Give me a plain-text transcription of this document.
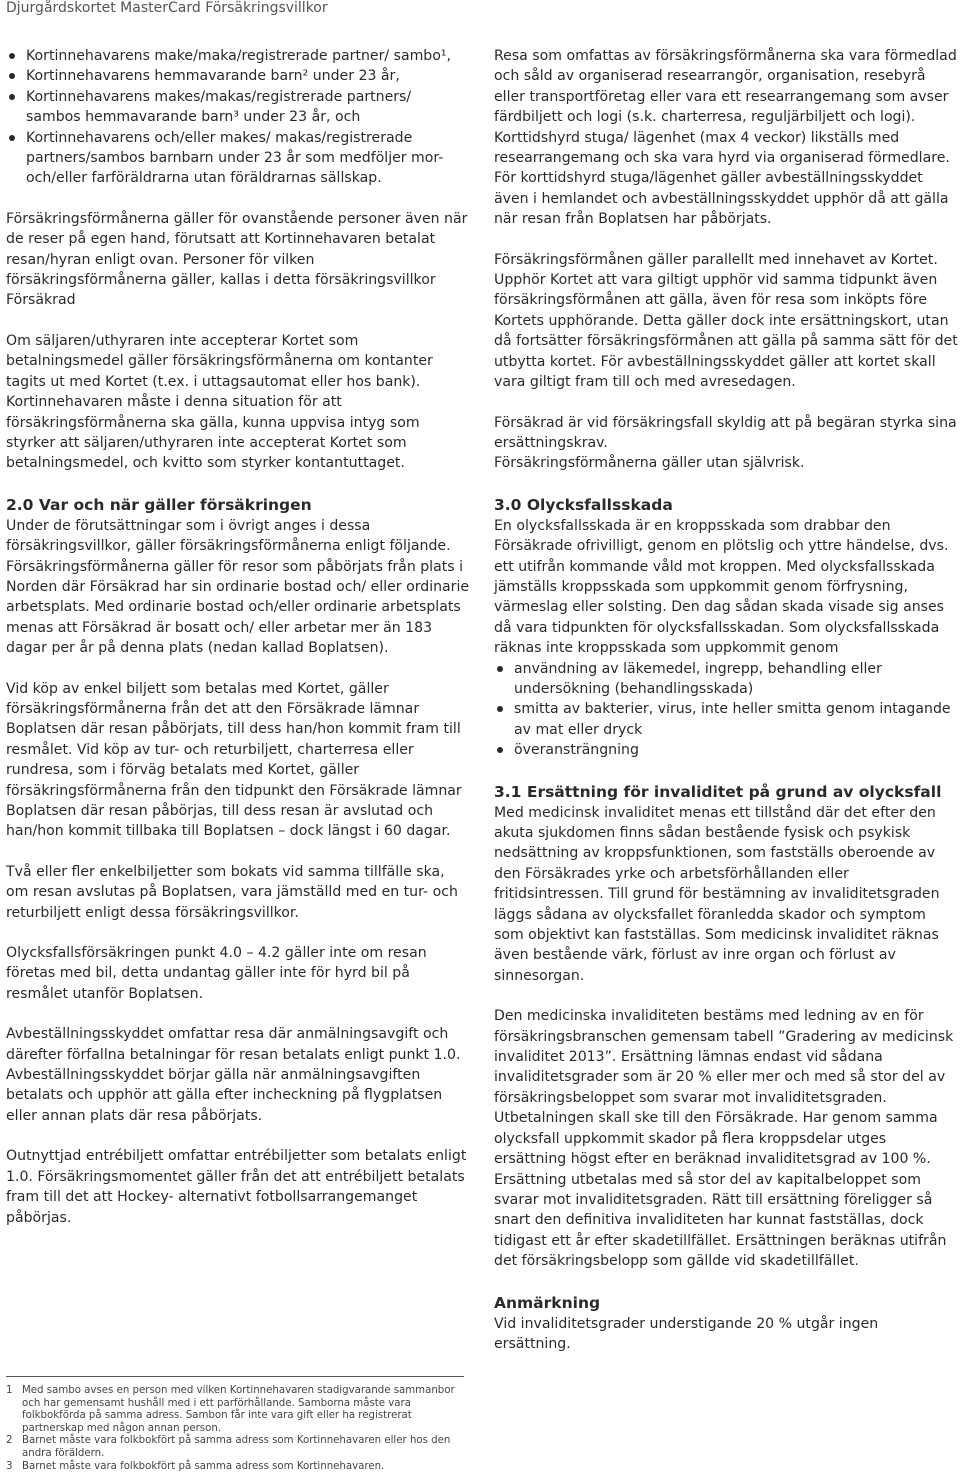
Djurgårdskortet MasterCard Försäkringsvillkor
Kortinnehavarens make/maka/registrerade partner/ sambo¹,
Kortinnehavarens hemmavarande barn² under 23 år,
Kortinnehavarens makes/makas/registrerade partners/ sambos hemmavarande barn³ under 23 år, och
Kortinnehavarens och/eller makes/ makas/registrerade partners/sambos barnbarn under 23 år som medföljer mor- och/eller farföräldrarna utan föräldrarnas sällskap.

Försäkringsförmånerna gäller för ovanstående personer även när de reser på egen hand, förutsatt att Kortinnehavaren betalat resan/hyran enligt ovan. Personer för vilken försäkringsförmånerna gäller, kallas i detta försäkringsvillkor Försäkrad

Om säljaren/uthyraren inte accepterar Kortet som betalningsmedel gäller försäkringsförmånerna om kontanter tagits ut med Kortet (t.ex. i uttagsautomat eller hos bank). Kortinnehavaren måste i denna situation för att försäkringsförmånerna ska gälla, kunna uppvisa intyg som styrker att säljaren/uthyraren inte accepterat Kortet som betalningsmedel, och kvitto som styrker kontantuttaget.

2.0 Var och när gäller försäkringen

Under de förutsättningar som i övrigt anges i dessa försäkringsvillkor, gäller försäkringsförmånerna enligt följande. Försäkringsförmånerna gäller för resor som påbörjats från plats i Norden där Försäkrad har sin ordinarie bostad och/ eller ordinarie arbetsplats. Med ordinarie bostad och/eller ordinarie arbetsplats menas att Försäkrad är bosatt och/ eller arbetar mer än 183 dagar per år på denna plats (nedan kallad Boplatsen).

Vid köp av enkel biljett som betalas med Kortet, gäller försäkringsförmånerna från det att den Försäkrade lämnar Boplatsen där resan påbörjats, till dess han/hon kommit fram till resmålet. Vid köp av tur- och returbiljett, charterresa eller rundresa, som i förväg betalats med Kortet, gäller försäkringsförmånerna från den tidpunkt den Försäkrade lämnar Boplatsen där resan påbörjas, till dess resan är avslutad och han/hon kommit tillbaka till Boplatsen – dock längst i 60 dagar.

Två eller fler enkelbiljetter som bokats vid samma tillfälle ska, om resan avslutas på Boplatsen, vara jämställd med en tur- och returbiljett enligt dessa försäkringsvillkor.

Olycksfallsförsäkringen punkt 4.0 – 4.2 gäller inte om resan företas med bil, detta undantag gäller inte för hyrd bil på resmålet utanför Boplatsen.

Avbeställningsskyddet omfattar resa där anmälningsavgift och därefter förfallna betalningar för resan betalats enligt punkt 1.0. Avbeställningsskyddet börjar gälla när anmälningsavgiften betalats och upphör att gälla efter incheckning på flygplatsen eller annan plats där resa påbörjats.

Outnyttjad entrébiljett omfattar entrébiljetter som betalats enligt 1.0. Försäkringsmomentet gäller från det att entrébiljett betalats fram till det att Hockey- alternativt fotbollsarrangemanget påbörjas.

1 Med sambo avses en person med vilken Kortinnehavaren stadigvarande sammanbor och har gemensamt hushåll med i ett parförhållande. Samborna måste vara folkbokförda på samma adress. Sambon får inte vara gift eller ha registrerat partnerskap med någon annan person.
2 Barnet måste vara folkbokfört på samma adress som Kortinnehavaren eller hos den andra föräldern.
3 Barnet måste vara folkbokfört på samma adress som Kortinnehavaren.

Resa som omfattas av försäkringsförmånerna ska vara förmedlad och såld av organiserad researrangör, organisation, resebyrå eller transportföretag eller vara ett researrangemang som avser färdbiljett och logi (s.k. charterresa, reguljärbiljett och logi). Korttidshyrd stuga/ lägenhet (max 4 veckor) likställs med researrangemang och ska vara hyrd via organiserad förmedlare. För korttidshyrd stuga/lägenhet gäller avbeställningsskyddet även i hemlandet och avbeställningsskyddet upphör då att gälla när resan från Boplatsen har påbörjats.

Försäkringsförmånen gäller parallellt med innehavet av Kortet. Upphör Kortet att vara giltigt upphör vid samma tidpunkt även försäkringsförmånen att gälla, även för resa som inköpts före Kortets upphörande. Detta gäller dock inte ersättningskort, utan då fortsätter försäkringsförmånen att gälla på samma sätt för det utbytta kortet. För avbeställningsskyddet gäller att kortet skall vara giltigt fram till och med avresedagen.

Försäkrad är vid försäkringsfall skyldig att på begäran styrka sina ersättningskrav.

Försäkringsförmånerna gäller utan självrisk.

3.0 Olycksfallsskada

En olycksfallsskada är en kroppsskada som drabbar den Försäkrade ofrivilligt, genom en plötslig och yttre händelse, dvs. ett utifrån kommande våld mot kroppen. Med olycksfallsskada jämställs kroppsskada som uppkommit genom förfrysning, värmeslag eller solsting. Den dag sådan skada visade sig anses då vara tidpunkten för olycksfallsskadan. Som olycksfallsskada räknas inte kroppsskada som uppkommit genom

användning av läkemedel, ingrepp, behandling eller undersökning (behandlingsskada)
smitta av bakterier, virus, inte heller smitta genom intagande av mat eller dryck
överansträngning
3.1 Ersättning för invaliditet på grund av olycksfall

Med medicinsk invaliditet menas ett tillstånd där det efter den akuta sjukdomen finns sådan bestående fysisk och psykisk nedsättning av kroppsfunktionen, som fastställs oberoende av den Försäkrades yrke och arbetsförhållanden eller fritidsintressen. Till grund för bestämning av invaliditetsgraden läggs sådana av olycksfallet föranledda skador och symptom som objektivt kan fastställas. Som medicinsk invaliditet räknas även bestående värk, förlust av inre organ och förlust av sinnesorgan.

Den medicinska invaliditeten bestäms med ledning av en för försäkringsbranschen gemensam tabell ”Gradering av medicinsk invaliditet 2013”. Ersättning lämnas endast vid sådana invaliditetsgrader som är 20 % eller mer och med så stor del av försäkringsbeloppet som svarar mot invaliditetsgraden. Utbetalningen skall ske till den Försäkrade. Har genom samma olycksfall uppkommit skador på flera kroppsdelar utges ersättning högst efter en beräknad invaliditetsgrad av 100 %. Ersättning utbetalas med så stor del av kapitalbeloppet som svarar mot invaliditetsgraden. Rätt till ersättning föreligger så snart den definitiva invaliditeten har kunnat fastställas, dock tidigast ett år efter skadetillfället. Ersättningen beräknas utifrån det försäkringsbelopp som gällde vid skadetillfället.

Anmärkning

Vid invaliditetsgrader understigande 20 % utgår ingen ersättning.
